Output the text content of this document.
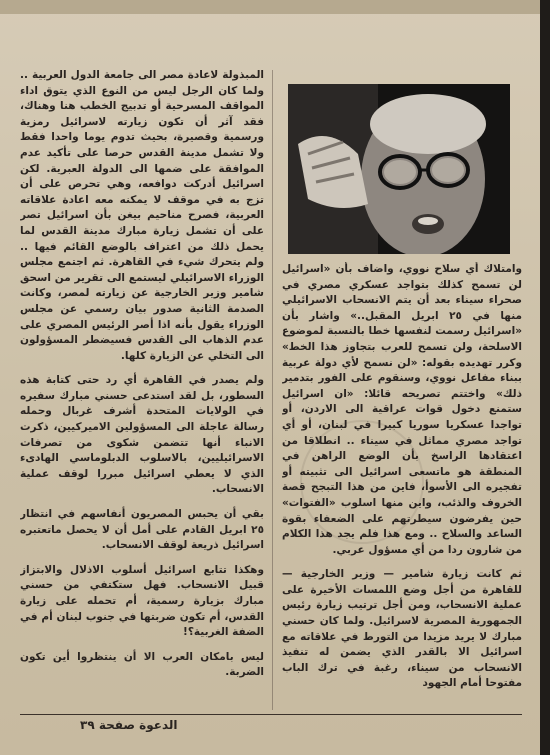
المبذولة لاعادة مصر الى جامعة الدول العربية .. ولما كان الرجل ليس من النوع الذي يتوق اداء المواقف المسرحية أو تدبيج الخطب هنا وهناك، فقد آثر أن تكون زيارته لاسرائيل رمزية ورسمية وقصيرة، بحيث تدوم يوما واحدا فقط ولا تشمل مدينة القدس حرصا على تأكيد عدم الموافقة على ضمها الى الدولة العبرية. لكن اسرائيل أدركت دوافعه، وهي تحرص على أن تزج به في موقف لا يمكنه معه اعادة علاقاته العربية، فصرح مناحيم بيغن بأن اسرائيل تصر على أن تشمل زيارة مبارك مدينة القدس لما يحمل ذلك من اعتراف بالوضع القائم فيها .. ولم يتحرك شيء في القاهرة. ثم اجتمع مجلس الوزراء الاسرائيلي ليستمع الى تقرير من اسحق شامير وزير الخارجية عن زيارته لمصر، وكانت الصدمة الثانية صدور بيان رسمي عن مجلس الوزراء يقول بأنه اذا أصر الرئيس المصري على عدم الذهاب الى القدس فسيضطر المسؤولون الى التخلي عن الزيارة كلها.

ولم يصدر في القاهرة أي رد حتى كتابة هذه السطور، بل لقد استدعى حسني مبارك سفيره في الولايات المتحدة أشرف غربال وحمله رسالة عاجلة الى المسؤولين الاميركيين، ذكرت الانباء أنها تتضمن شكوى من تصرفات الاسرائيليين، بالاسلوب الدبلوماسي الهادىء الذي لا يعطي اسرائيل مبررا لوقف عملية الانسحاب.

بقي أن يحبس المصريون أنفاسهم في انتظار ٢٥ ابريل القادم على أمل أن لا يحصل ماتعتبره اسرائيل ذريعة لوقف الانسحاب.

وهكذا تتابع اسرائيل أسلوب الاذلال والابتزاز قبيل الانسحاب. فهل ستكتفي من حسني مبارك بزيارة رسمية، أم تحمله على زيارة القدس، أم تكون ضربتها في جنوب لبنان أم في الضفة الغربية؟!

ليس بامكان العرب الا أن ينتظروا أين تكون الضربة.

وامتلاك أي سلاح نووي، واضاف بأن «اسرائيل لن تسمح كذلك بتواجد عسكري مصري في صحراء سيناء بعد أن يتم الانسحاب الاسرائيلي منها في ٢٥ ابريل المقبل..» واشار بأن «اسرائيل رسمت لنفسها خطا بالنسبة لموضوع الاسلحة، ولن تسمح للعرب بتجاوز هذا الخط» وكرر تهديده بقوله: «لن نسمح لأي دولة عربية ببناء مفاعل نووي، وسنقوم على الفور بتدمير ذلك» واختتم تصريحه قائلا: «ان اسرائيل ستمنع دخول قوات عراقية الى الاردن، أو تواجدا عسكريا سوريا كبيرا في لبنان، أو أي تواجد مصري مماثل في سيناء .. انطلاقا من اعتقادها الراسخ بأن الوضع الراهن في المنطقة هو ماتسعى اسرائيل الى تثبيته أو تفجيره الى الأسوأ، فاين من هذا التبجح قصة الخروف والذئب، واين منها اسلوب «الفتوات» حين يفرضون سيطرتهم على الضعفاء بقوة الساعد والسلاح .. ومع هذا فلم يجد هذا الكلام من شارون ردا من أي مسؤول عربي.

ثم كانت زيارة شامير — وزير الخارجية — للقاهرة من أجل وضع اللمسات الأخيرة على عملية الانسحاب، ومن أجل ترتيب زيارة رئيس الجمهورية المصرية لاسرائيل. ولما كان حسني مبارك لا يريد مزيدا من التورط في علاقاته مع اسرائيل الا بالقدر الذي يضمن له تنفيذ الانسحاب من سيناء، رغبة في ترك الباب مفتوحا أمام الجهود

الدعوة صفحة ٣٩
